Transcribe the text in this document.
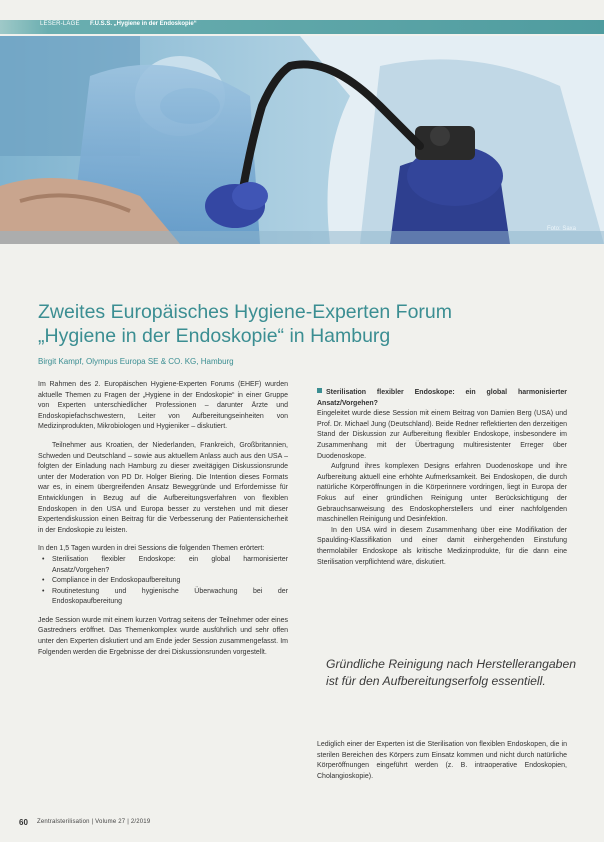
LESER-LAGE F.U.S.S. „Hygiene in der Endoskopie“
Foto: Saxa
Zweites Europäisches Hygiene-Experten Forum
„Hygiene in der Endoskopie“ in Hamburg
Birgit Kampf, Olympus Europa SE & CO. KG, Hamburg

Im Rahmen des 2. Europäischen Hygiene-Experten Forums (EHEF) wurden aktuelle Themen zu Fragen der „Hygiene in der Endoskopie“ in einer Gruppe von Experten unterschiedlicher Professionen – darunter Ärzte und Endoskopiefachschwestern, Leiter von Aufbereitungseinheiten von Medizinprodukten, Mikrobiologen und Hygieniker – diskutiert.

Teilnehmer aus Kroatien, der Niederlanden, Frankreich, Großbritannien, Schweden und Deutschland – sowie aus aktuellem Anlass auch aus den USA – folgten der Einladung nach Hamburg zu dieser zweitägigen Diskussionsrunde unter der Moderation von PD Dr. Holger Biering. Die Intention dieses Formats war es, in einem übergreifenden Ansatz Beweggründe und Erfordernisse für Entwicklungen in Bezug auf die Aufbereitungsverfahren von flexiblen Endoskopen in den USA und Europa besser zu verstehen und mit dieser Expertendiskussion einen Beitrag für die Verbesserung der Patientensicherheit in der Endoskopie zu leisten.

In den 1,5 Tagen wurden in drei Sessions die folgenden Themen erörtert:

• Sterilisation flexibler Endoskope: ein global harmonisierter Ansatz/Vorgehen?
• Compliance in der Endoskopaufbereitung
• Routinetestung und hygienische Überwachung bei der Endoskopaufbereitung

Jede Session wurde mit einem kurzen Vortrag seitens der Teilnehmer oder eines Gastredners eröffnet. Das Themenkomplex wurde ausführlich und sehr offen unter den Experten diskutiert und am Ende jeder Session zusammengefasst. Im Folgenden werden die Ergebnisse der drei Diskussionsrunden vorgestellt.

Sterilisation flexibler Endoskope: ein global harmonisierter Ansatz/Vorgehen?

Eingeleitet wurde diese Session mit einem Beitrag von Damien Berg (USA) und Prof. Dr. Michael Jung (Deutschland). Beide Redner reflektierten den derzeitigen Stand der Diskussion zur Aufbereitung flexibler Endoskope, insbesondere im Zusammenhang mit der Übertragung multiresistenter Erreger über Duodenoskope.

Aufgrund ihres komplexen Designs erfahren Duodenoskope und ihre Aufbereitung aktuell eine erhöhte Aufmerksamkeit. Bei Endoskopen, die durch natürliche Körperöffnungen in die Körperinnere vordringen, liegt in Europa der Fokus auf einer gründlichen Reinigung unter Berücksichtigung der Gebrauchsanweisung des Endoskopherstellers und einer nachfolgenden maschinellen Reinigung und Desinfektion.

In den USA wird in diesem Zusammenhang über eine Modifikation der Spaulding-Klassifikation und einer damit einhergehenden Einstufung thermolabiler Endoskope als kritische Medizinprodukte, für die dann eine Sterilisation verpflichtend wäre, diskutiert.

Gründliche Reinigung nach Herstellerangaben ist für den Aufbereitungserfolg essentiell.

Lediglich einer der Experten ist die Sterilisation von flexiblen Endoskopen, die in sterilen Bereichen des Körpers zum Einsatz kommen und nicht durch natürliche Körperöffnungen eingeführt werden (z. B. intraoperative Endoskopien, Cholangioskopie).

60 Zentralsterilisation | Volume 27 | 2/2019
